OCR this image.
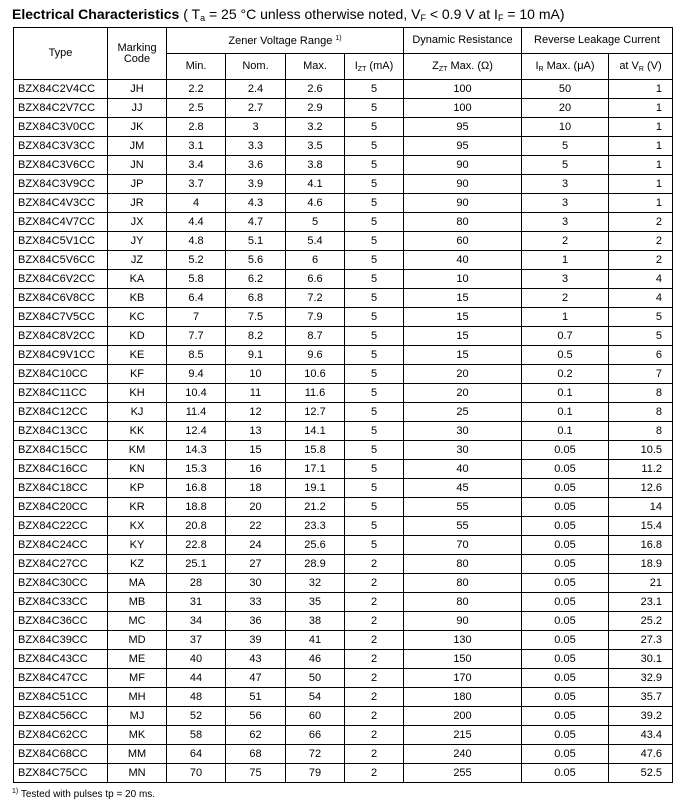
Electrical Characteristics ( $T_a = 25$ °C unless otherwise noted, $V_F < 0.9$ V at $I_F = 10$ mA)
Type	Marking Code	Zener Voltage Range $^{1)}$				Dynamic Resistance	Reverse Leakage Current	
		Min.	Nom.	Max.	$I_{ZT}$ (mA)	$Z_{ZT}$ Max. (Ω)	$I_R$ Max. (μA)	at $V_R$ (V)
BZX84C2V4CC	JH	2.2	2.4	2.6	5	100	50	1
BZX84C2V7CC	JJ	2.5	2.7	2.9	5	100	20	1
BZX84C3V0CC	JK	2.8	3	3.2	5	95	10	1
BZX84C3V3CC	JM	3.1	3.3	3.5	5	95	5	1
BZX84C3V6CC	JN	3.4	3.6	3.8	5	90	5	1
BZX84C3V9CC	JP	3.7	3.9	4.1	5	90	3	1
BZX84C4V3CC	JR	4	4.3	4.6	5	90	3	1
BZX84C4V7CC	JX	4.4	4.7	5	5	80	3	2
BZX84C5V1CC	JY	4.8	5.1	5.4	5	60	2	2
BZX84C5V6CC	JZ	5.2	5.6	6	5	40	1	2
BZX84C6V2CC	KA	5.8	6.2	6.6	5	10	3	4
BZX84C6V8CC	KB	6.4	6.8	7.2	5	15	2	4
BZX84C7V5CC	KC	7	7.5	7.9	5	15	1	5
BZX84C8V2CC	KD	7.7	8.2	8.7	5	15	0.7	5
BZX84C9V1CC	KE	8.5	9.1	9.6	5	15	0.5	6
BZX84C10CC	KF	9.4	10	10.6	5	20	0.2	7
BZX84C11CC	KH	10.4	11	11.6	5	20	0.1	8
BZX84C12CC	KJ	11.4	12	12.7	5	25	0.1	8
BZX84C13CC	KK	12.4	13	14.1	5	30	0.1	8
BZX84C15CC	KM	14.3	15	15.8	5	30	0.05	10.5
BZX84C16CC	KN	15.3	16	17.1	5	40	0.05	11.2
BZX84C18CC	KP	16.8	18	19.1	5	45	0.05	12.6
BZX84C20CC	KR	18.8	20	21.2	5	55	0.05	14
BZX84C22CC	KX	20.8	22	23.3	5	55	0.05	15.4
BZX84C24CC	KY	22.8	24	25.6	5	70	0.05	16.8
BZX84C27CC	KZ	25.1	27	28.9	2	80	0.05	18.9
BZX84C30CC	MA	28	30	32	2	80	0.05	21
BZX84C33CC	MB	31	33	35	2	80	0.05	23.1
BZX84C36CC	MC	34	36	38	2	90	0.05	25.2
BZX84C39CC	MD	37	39	41	2	130	0.05	27.3
BZX84C43CC	ME	40	43	46	2	150	0.05	30.1
BZX84C47CC	MF	44	47	50	2	170	0.05	32.9
BZX84C51CC	MH	48	51	54	2	180	0.05	35.7
BZX84C56CC	MJ	52	56	60	2	200	0.05	39.2
BZX84C62CC	MK	58	62	66	2	215	0.05	43.4
BZX84C68CC	MM	64	68	72	2	240	0.05	47.6
BZX84C75CC	MN	70	75	79	2	255	0.05	52.5
$^{1)}$ Tested with pulses tp = 20 ms.
